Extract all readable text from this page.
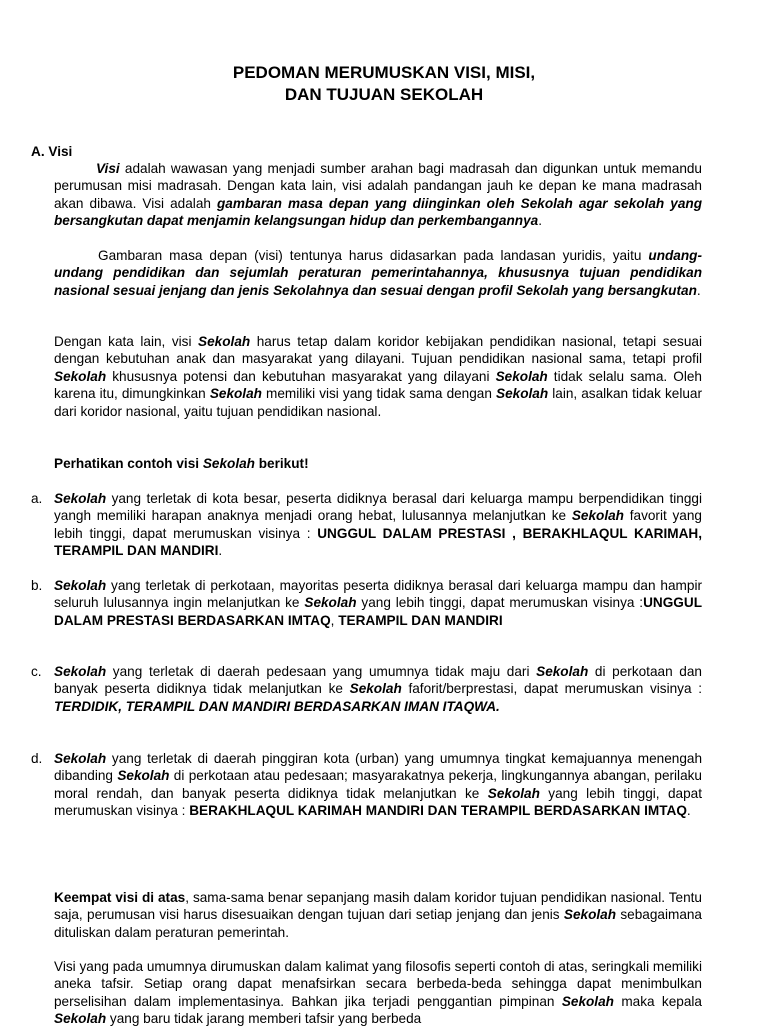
PEDOMAN MERUMUSKAN VISI, MISI,
DAN TUJUAN SEKOLAH
A. Visi
Visi adalah wawasan yang menjadi sumber arahan bagi madrasah dan digunkan untuk memandu perumusan misi madrasah. Dengan kata lain, visi adalah pandangan jauh ke depan ke mana madrasah akan dibawa. Visi adalah gambaran masa depan yang diinginkan oleh Sekolah agar sekolah yang bersangkutan dapat menjamin kelangsungan hidup dan perkembangannya.
Gambaran masa depan (visi) tentunya harus didasarkan pada landasan yuridis, yaitu undang-undang pendidikan dan sejumlah peraturan pemerintahannya, khususnya tujuan pendidikan nasional sesuai jenjang dan jenis Sekolahnya dan sesuai dengan profil Sekolah yang bersangkutan.
Dengan kata lain, visi Sekolah harus tetap dalam koridor kebijakan pendidikan nasional, tetapi sesuai dengan kebutuhan anak dan masyarakat yang dilayani. Tujuan pendidikan nasional sama, tetapi profil Sekolah khususnya potensi dan kebutuhan masyarakat yang dilayani Sekolah tidak selalu sama. Oleh karena itu, dimungkinkan Sekolah memiliki visi yang tidak sama dengan Sekolah lain, asalkan tidak keluar dari koridor nasional, yaitu tujuan pendidikan nasional.
Perhatikan contoh visi Sekolah berikut!
a. Sekolah yang terletak di kota besar, peserta didiknya berasal dari keluarga mampu berpendidikan tinggi yangh memiliki harapan anaknya menjadi orang hebat, lulusannya melanjutkan ke Sekolah favorit yang lebih tinggi, dapat merumuskan visinya : UNGGUL DALAM PRESTASI , BERAKHLAQUL KARIMAH, TERAMPIL DAN MANDIRI.
b. Sekolah yang terletak di perkotaan, mayoritas peserta didiknya berasal dari keluarga mampu dan hampir seluruh lulusannya ingin melanjutkan ke Sekolah yang lebih tinggi, dapat merumuskan visinya :UNGGUL DALAM PRESTASI BERDASARKAN IMTAQ, TERAMPIL DAN MANDIRI
c. Sekolah yang terletak di daerah pedesaan yang umumnya tidak maju dari Sekolah di perkotaan dan banyak peserta didiknya tidak melanjutkan ke Sekolah faforit/berprestasi, dapat merumuskan visinya : TERDIDIK, TERAMPIL DAN MANDIRI BERDASARKAN IMAN ITAQWA.
d. Sekolah yang terletak di daerah pinggiran kota (urban) yang umumnya tingkat kemajuannya menengah dibanding Sekolah di perkotaan atau pedesaan; masyarakatnya pekerja, lingkungannya abangan, perilaku moral rendah, dan banyak peserta didiknya tidak melanjutkan ke Sekolah yang lebih tinggi, dapat merumuskan visinya : BERAKHLAQUL KARIMAH MANDIRI DAN TERAMPIL BERDASARKAN IMTAQ.
Keempat visi di atas, sama-sama benar sepanjang masih dalam koridor tujuan pendidikan nasional. Tentu saja, perumusan visi harus disesuaikan dengan tujuan dari setiap jenjang dan jenis Sekolah sebagaimana dituliskan dalam peraturan pemerintah.
Visi yang pada umumnya dirumuskan dalam kalimat yang filosofis seperti contoh di atas, seringkali memiliki aneka tafsir. Setiap orang dapat menafsirkan secara berbeda-beda sehingga dapat menimbulkan perselisihan dalam implementasinya. Bahkan jika terjadi penggantian pimpinan Sekolah maka kepala Sekolah yang baru tidak jarang memberi tafsir yang berbeda
